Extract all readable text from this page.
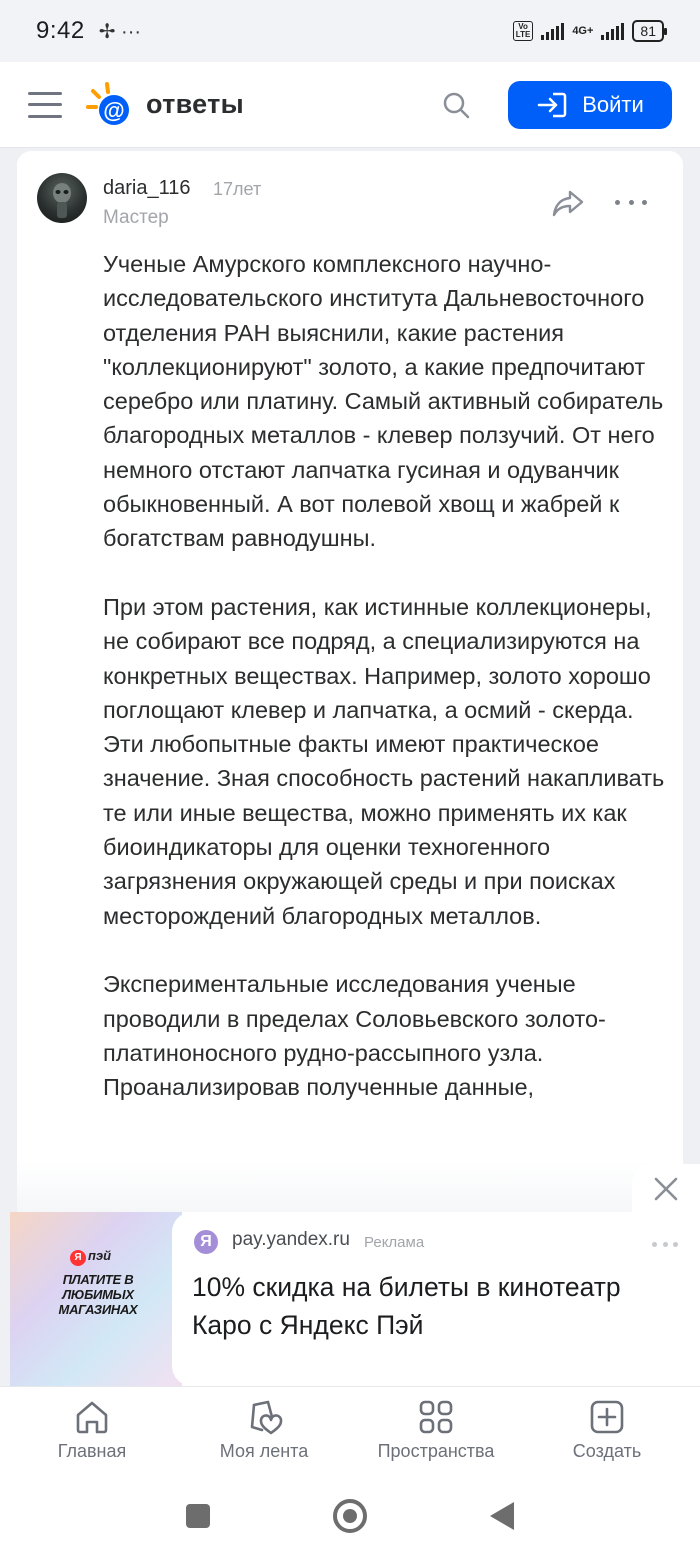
9:42 ✢ ···	Vo
LTE	4G+	81
@ ответы	Войти
daria_116 17лет
Мастер

Ученые Амурского комплексного научно-исследовательского института Дальневосточного отделения РАН выяснили, какие растения "коллекционируют" золото, а какие предпочитают серебро или платину. Самый активный собиратель благородных металлов - клевер ползучий. От него немного отстают лапчатка гусиная и одуванчик обыкновенный. А вот полевой хвощ и жабрей к богатствам равнодушны.

При этом растения, как истинные коллекционеры, не собирают все подряд, а специализируются на конкретных веществах. Например, золото хорошо поглощают клевер и лапчатка, а осмий - скерда. Эти любопытные факты имеют практическое значение. Зная способность растений накапливать те или иные вещества, можно применять их как биоиндикаторы для оценки техногенного загрязнения окружающей среды и при поисках месторождений благородных металлов.

Экспериментальные исследования ученые проводили в пределах Соловьевского золото-платиноносного рудно-рассыпного узла. Проанализировав полученные данные,

Я пэй
ПЛАТИТЕ В ЛЮБИМЫХ МАГАЗИНАХ
Я	pay.yandex.ru Реклама
10% скидка на билеты в кинотеатр Каро с Яндекс Пэй
Главная	Моя лента	Пространства	Создать
